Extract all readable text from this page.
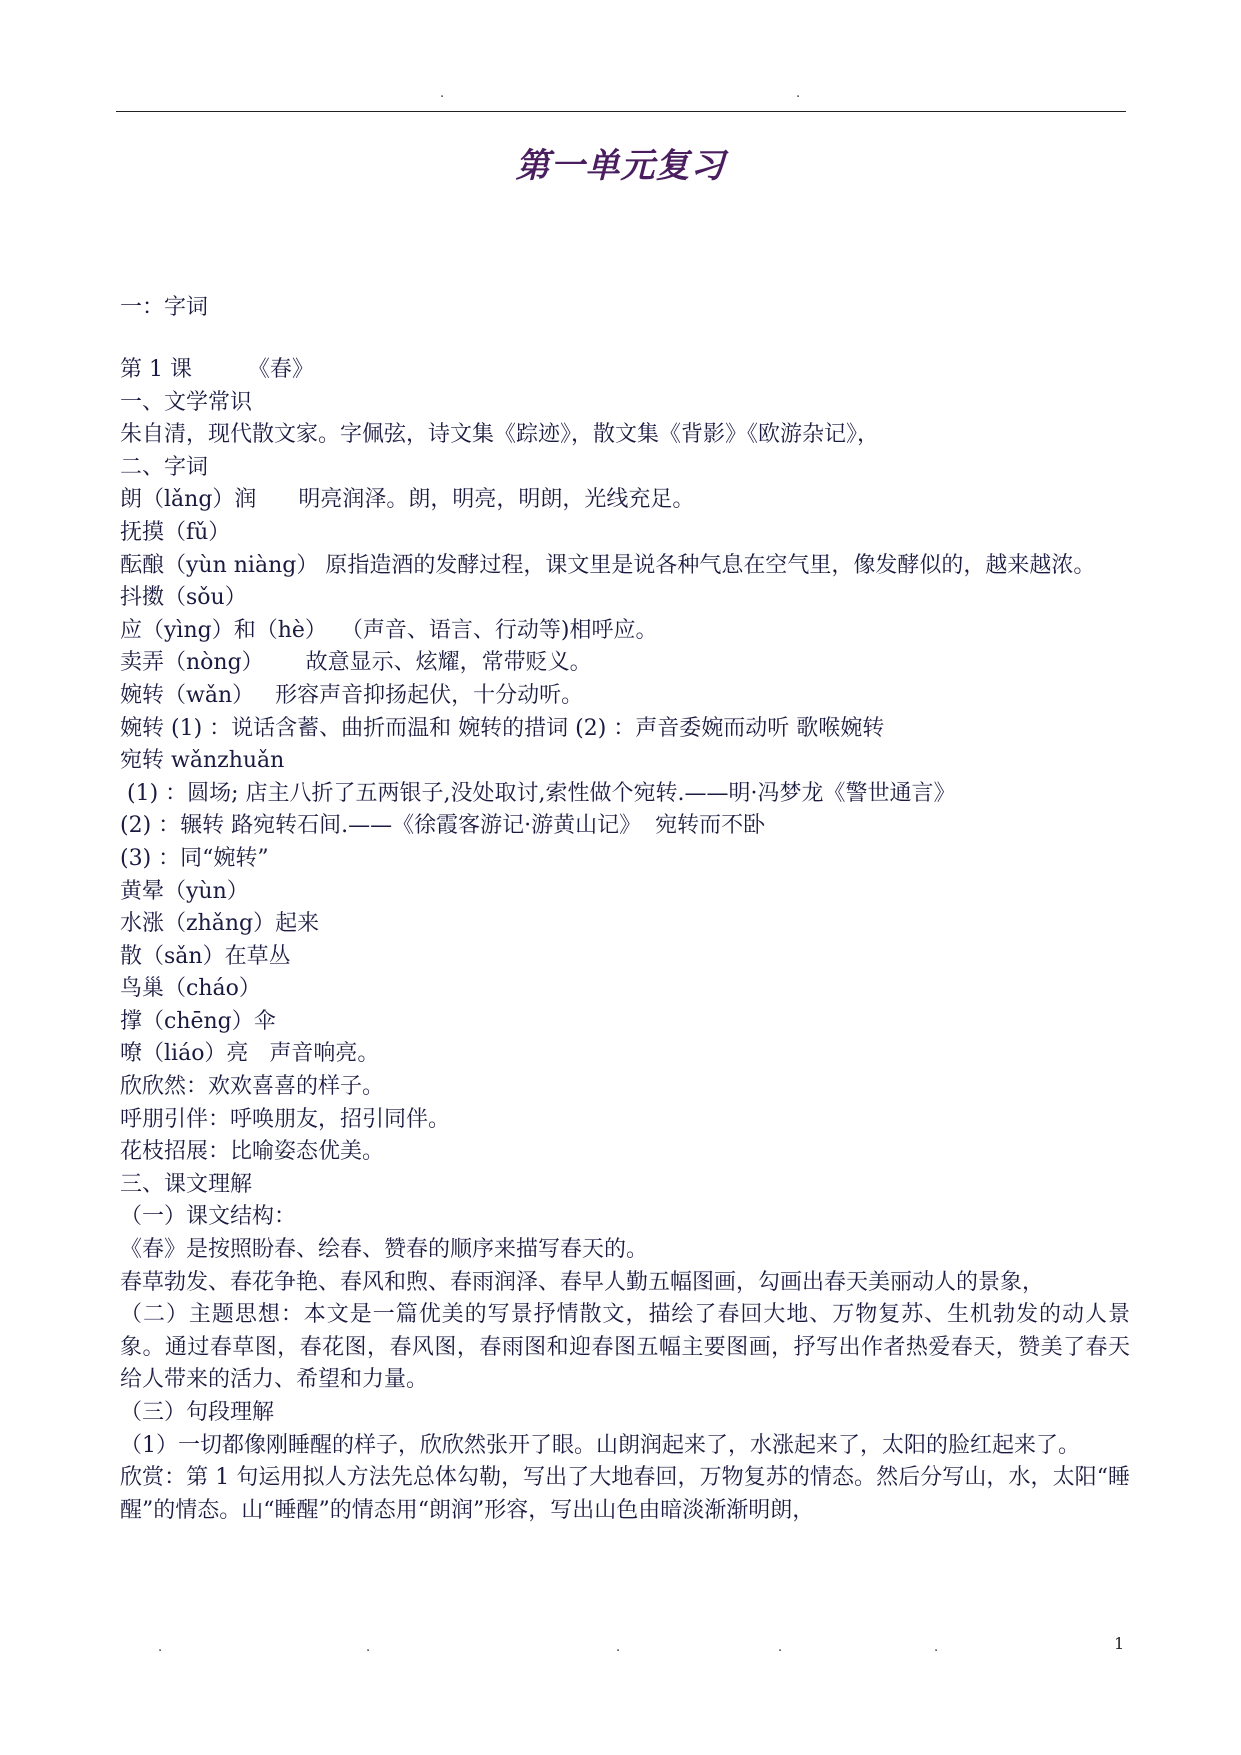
.	.
第一单元复习
一：字词
第 1 课        《春》
一、文学常识
朱自清，现代散文家。字佩弦，诗文集《踪迹》，散文集《背影》《欧游杂记》，
二、字词
朗（lǎng）润      明亮润泽。朗，明亮，明朗，光线充足。
抚摸（fǔ）
酝酿（yùn niàng） 原指造酒的发酵过程，课文里是说各种气息在空气里，像发酵似的，越来越浓。
抖擞（sǒu）
应（yìng）和（hè）  （声音、语言、行动等)相呼应。
卖弄（nòng）      故意显示、炫耀，常带贬义。
婉转（wǎn）   形容声音抑扬起伏，十分动听。
婉转 (1) ：说话含蓄、曲折而温和 婉转的措词 (2) ：声音委婉而动听 歌喉婉转
宛转 wǎnzhuǎn
(1) ：圆场; 店主八折了五两银子,没处取讨,索性做个宛转.——明·冯梦龙《警世通言》
(2) ：辗转 路宛转石间.——《徐霞客游记·游黄山记》  宛转而不卧
(3) ：同“婉转”
黄晕（yùn）
水涨（zhǎng）起来
散（sǎn）在草丛
鸟巢（cháo）
撑（chēng）伞
嘹（liáo）亮   声音响亮。
欣欣然：欢欢喜喜的样子。
呼朋引伴：呼唤朋友，招引同伴。
花枝招展：比喻姿态优美。
三、课文理解
（一）课文结构：
《春》是按照盼春、绘春、赞春的顺序来描写春天的。
春草勃发、春花争艳、春风和煦、春雨润泽、春早人勤五幅图画，勾画出春天美丽动人的景象，
（二）主题思想：本文是一篇优美的写景抒情散文，描绘了春回大地、万物复苏、生机勃发的动人景象。通过春草图，春花图，春风图，春雨图和迎春图五幅主要图画，抒写出作者热爱春天，赞美了春天给人带来的活力、希望和力量。
（三）句段理解
（1）一切都像刚睡醒的样子，欣欣然张开了眼。山朗润起来了，水涨起来了，太阳的脸红起来了。
欣赏：第 1 句运用拟人方法先总体勾勒，写出了大地春回，万物复苏的情态。然后分写山，水，太阳“睡醒”的情态。山“睡醒”的情态用“朗润”形容，写出山色由暗淡渐渐明朗，
.	.	.	.	.	1
